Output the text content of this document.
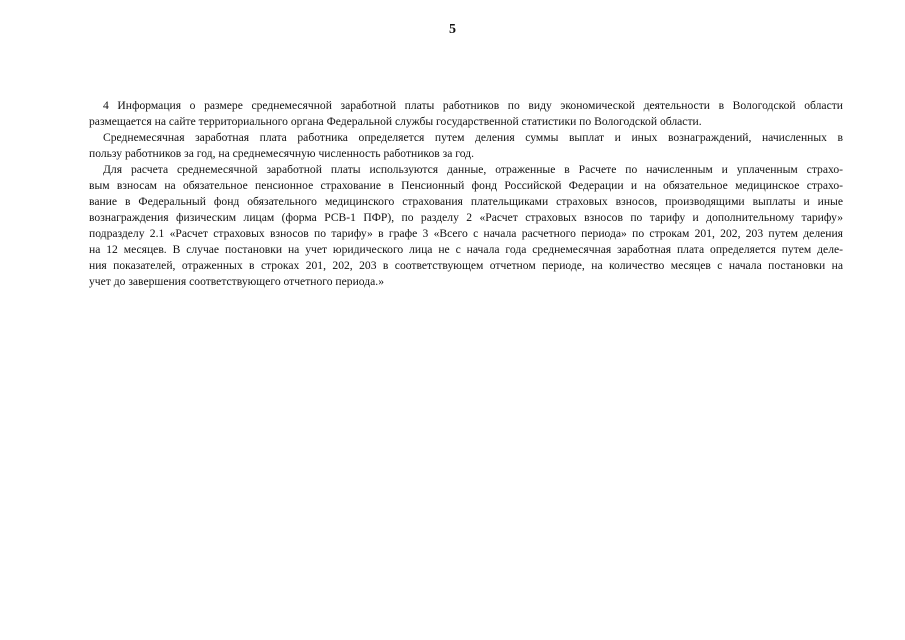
5
4 Информация о размере среднемесячной заработной платы работников по виду экономической деятельности в Вологодской области
размещается на сайте территориального органа Федеральной службы государственной статистики по Вологодской области.
Среднемесячная заработная плата работника определяется путем деления суммы выплат и иных вознаграждений, начисленных в
пользу работников за год, на среднемесячную численность работников за год.
Для расчета среднемесячной заработной платы используются данные, отраженные в Расчете по начисленным и уплаченным страхо-
вым взносам на обязательное пенсионное страхование в Пенсионный фонд Российской Федерации и на обязательное медицинское страхо-
вание в Федеральный фонд обязательного медицинского страхования плательщиками страховых взносов, производящими выплаты и иные
вознаграждения физическим лицам (форма РСВ-1 ПФР), по разделу 2 «Расчет страховых взносов по тарифу и дополнительному тарифу»
подразделу 2.1 «Расчет страховых взносов по тарифу» в графе 3 «Всего с начала расчетного периода» по строкам 201, 202, 203 путем деления
на 12 месяцев. В случае постановки на учет юридического лица не с начала года среднемесячная заработная плата определяется путем деле-
ния показателей, отраженных в строках 201, 202, 203 в соответствующем отчетном периоде, на количество месяцев с начала постановки на
учет до завершения соответствующего отчетного периода.»
